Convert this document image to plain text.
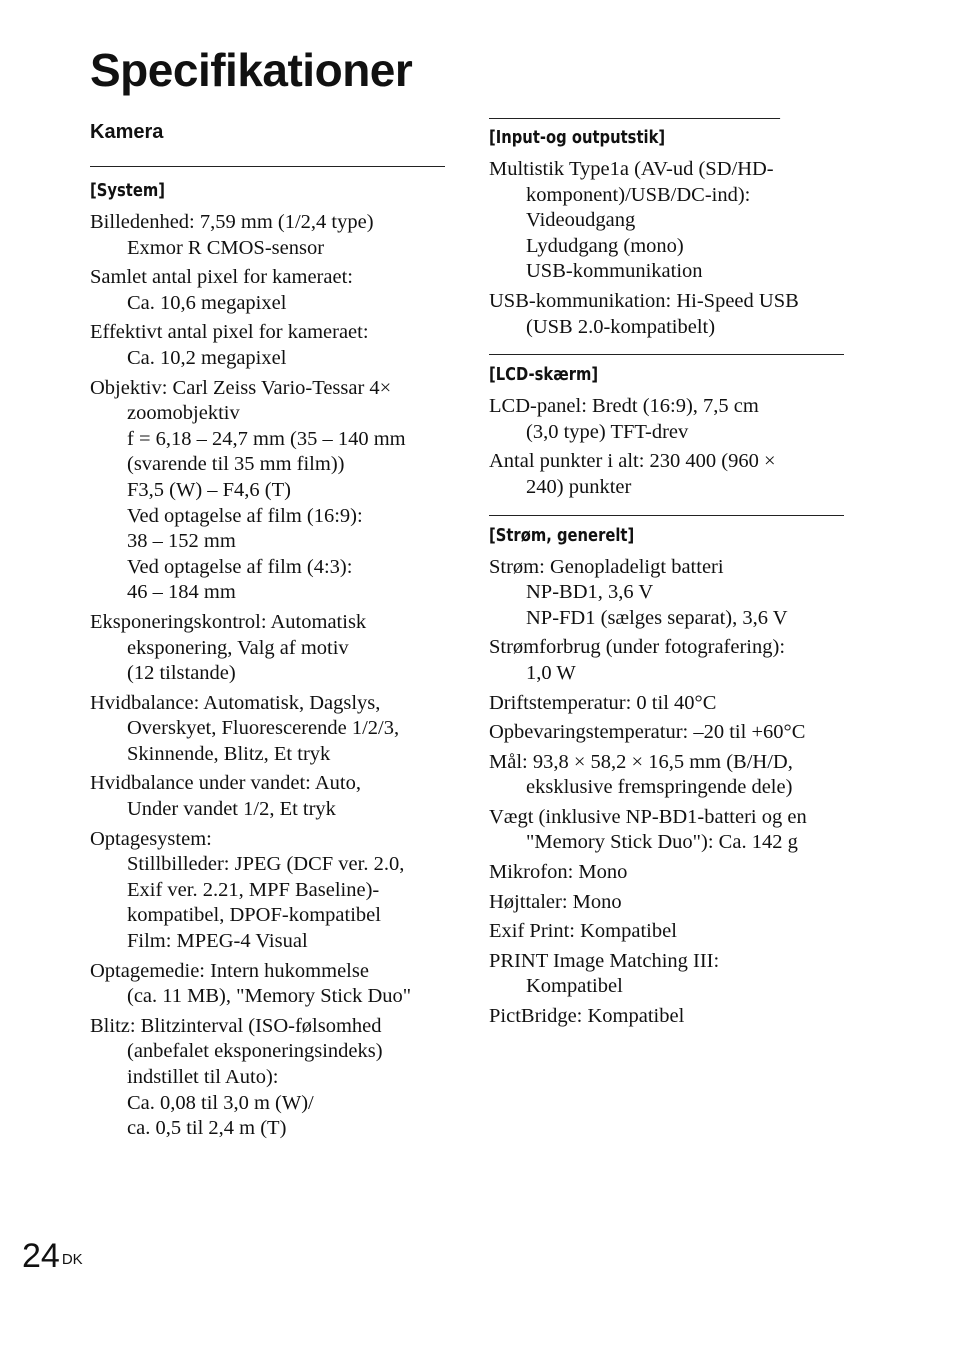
Specifikationer
Kamera
[System]
Billedenhed: 7,59 mm (1/2,4 type)
Exmor R CMOS-sensor
Samlet antal pixel for kameraet:
Ca. 10,6 megapixel
Effektivt antal pixel for kameraet:
Ca. 10,2 megapixel
Objektiv: Carl Zeiss Vario-Tessar 4×
zoomobjektiv
f = 6,18 – 24,7 mm (35 – 140 mm
(svarende til 35 mm film))
F3,5 (W) – F4,6 (T)
Ved optagelse af film (16:9):
38 – 152 mm
Ved optagelse af film (4:3):
46 – 184 mm
Eksponeringskontrol: Automatisk
eksponering, Valg af motiv
(12 tilstande)
Hvidbalance: Automatisk, Dagslys,
Overskyet, Fluorescerende 1/2/3,
Skinnende, Blitz, Et tryk
Hvidbalance under vandet: Auto,
Under vandet 1/2, Et tryk
Optagesystem:
Stillbilleder: JPEG (DCF ver. 2.0,
Exif ver. 2.21, MPF Baseline)-
kompatibel, DPOF-kompatibel
Film: MPEG-4 Visual
Optagemedie: Intern hukommelse
(ca. 11 MB), "Memory Stick Duo"
Blitz: Blitzinterval (ISO-følsomhed
(anbefalet eksponeringsindeks)
indstillet til Auto):
Ca. 0,08 til 3,0 m (W)/
ca. 0,5 til 2,4 m (T)
[Input-og outputstik]
Multistik Type1a (AV-ud (SD/HD-
komponent)/USB/DC-ind):
Videoudgang
Lydudgang (mono)
USB-kommunikation
USB-kommunikation: Hi-Speed USB
(USB 2.0-kompatibelt)
[LCD-skærm]
LCD-panel: Bredt (16:9), 7,5 cm
(3,0 type) TFT-drev
Antal punkter i alt: 230 400 (960 ×
240) punkter
[Strøm, generelt]
Strøm: Genopladeligt batteri
NP-BD1, 3,6 V
NP-FD1 (sælges separat), 3,6 V
Strømforbrug (under fotografering):
1,0 W
Driftstemperatur: 0 til 40°C
Opbevaringstemperatur: –20 til +60°C
Mål: 93,8 × 58,2 × 16,5 mm (B/H/D,
eksklusive fremspringende dele)
Vægt (inklusive NP-BD1-batteri og en
"Memory Stick Duo"): Ca. 142 g
Mikrofon: Mono
Højttaler: Mono
Exif Print: Kompatibel
PRINT Image Matching III:
Kompatibel
PictBridge: Kompatibel
24 $^{DK}$
